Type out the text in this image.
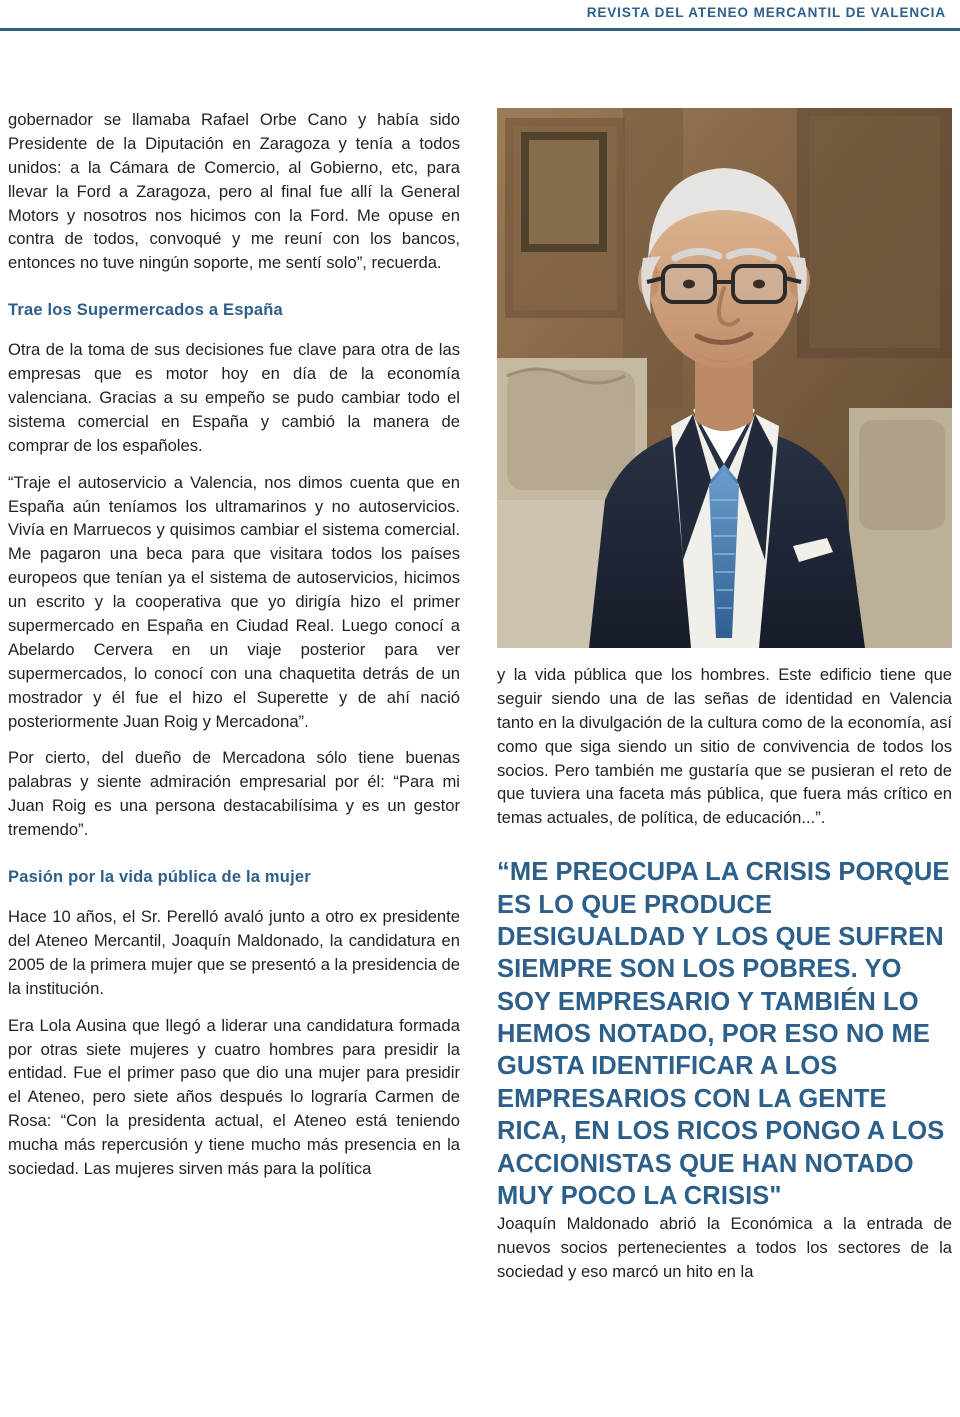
REVISTA DEL ATENEO MERCANTIL DE VALENCIA

gobernador se llamaba Rafael Orbe Cano y había sido Presidente de la Diputación en Zaragoza y tenía a todos unidos: a la Cámara de Comercio, al Gobierno, etc, para llevar la Ford a Zaragoza, pero al final fue allí la General Motors y nosotros nos hicimos con la Ford. Me opuse en contra de todos, convoqué y me reuní con los bancos, entonces no tuve ningún soporte, me sentí solo”, recuerda.

Trae los Supermercados a España

Otra de la toma de sus decisiones fue clave para otra de las empresas que es motor hoy en día de la economía valenciana. Gracias a su empeño se pudo cambiar todo el sistema comercial en España y cambió la manera de comprar de los españoles.

“Traje el autoservicio a Valencia, nos dimos cuenta que en España aún teníamos los ultramarinos y no autoservicios. Vivía en Marruecos y quisimos cambiar el sistema comercial. Me pagaron una beca para que visitara todos los países europeos que tenían ya el sistema de autoservicios, hicimos un escrito y la cooperativa que yo dirigía hizo el primer supermercado en España en Ciudad Real. Luego conocí a Abelardo Cervera en un viaje posterior para ver supermercados, lo conocí con una chaquetita detrás de un mostrador y él fue el hizo el Superette y de ahí nació posteriormente Juan Roig y Mercadona”.

Por cierto, del dueño de Mercadona sólo tiene buenas palabras y siente admiración empresarial por él: “Para mi Juan Roig es una persona destacabilísima y es un gestor tremendo”.

Pasión por la vida pública de la mujer

Hace 10 años, el Sr. Perelló avaló junto a otro ex presidente del Ateneo Mercantil, Joaquín Maldonado, la candidatura en 2005 de la primera mujer que se presentó a la presidencia de la institución.

Era Lola Ausina que llegó a liderar una candidatura formada por otras siete mujeres y cuatro hombres para presidir la entidad. Fue el primer paso que dio una mujer para presidir el Ateneo, pero siete años después lo lograría Carmen de Rosa: “Con la presidenta actual, el Ateneo está teniendo mucha más repercusión y tiene mucho más presencia en la sociedad. Las mujeres sirven más para la política

y la vida pública que los hombres. Este edificio tiene que seguir siendo una de las señas de identidad en Valencia tanto en la divulgación de la cultura como de la economía, así como que siga siendo un sitio de convivencia de todos los socios. Pero también me gustaría que se pusieran el reto de que tuviera una faceta más pública, que fuera más crítico en temas actuales, de política, de educación...”.

“ME PREOCUPA LA CRISIS PORQUE ES LO QUE PRODUCE DESIGUALDAD Y LOS QUE SUFREN SIEMPRE SON LOS POBRES. YO SOY EMPRESARIO Y TAMBIÉN LO HEMOS NOTADO, POR ESO NO ME GUSTA IDENTIFICAR A LOS EMPRESARIOS CON LA GENTE RICA, EN LOS RICOS PONGO A LOS ACCIONISTAS QUE HAN NOTADO MUY POCO LA CRISIS"

Joaquín Maldonado abrió la Económica a la entrada de nuevos socios pertenecientes a todos los sectores de la sociedad y eso marcó un hito en la
